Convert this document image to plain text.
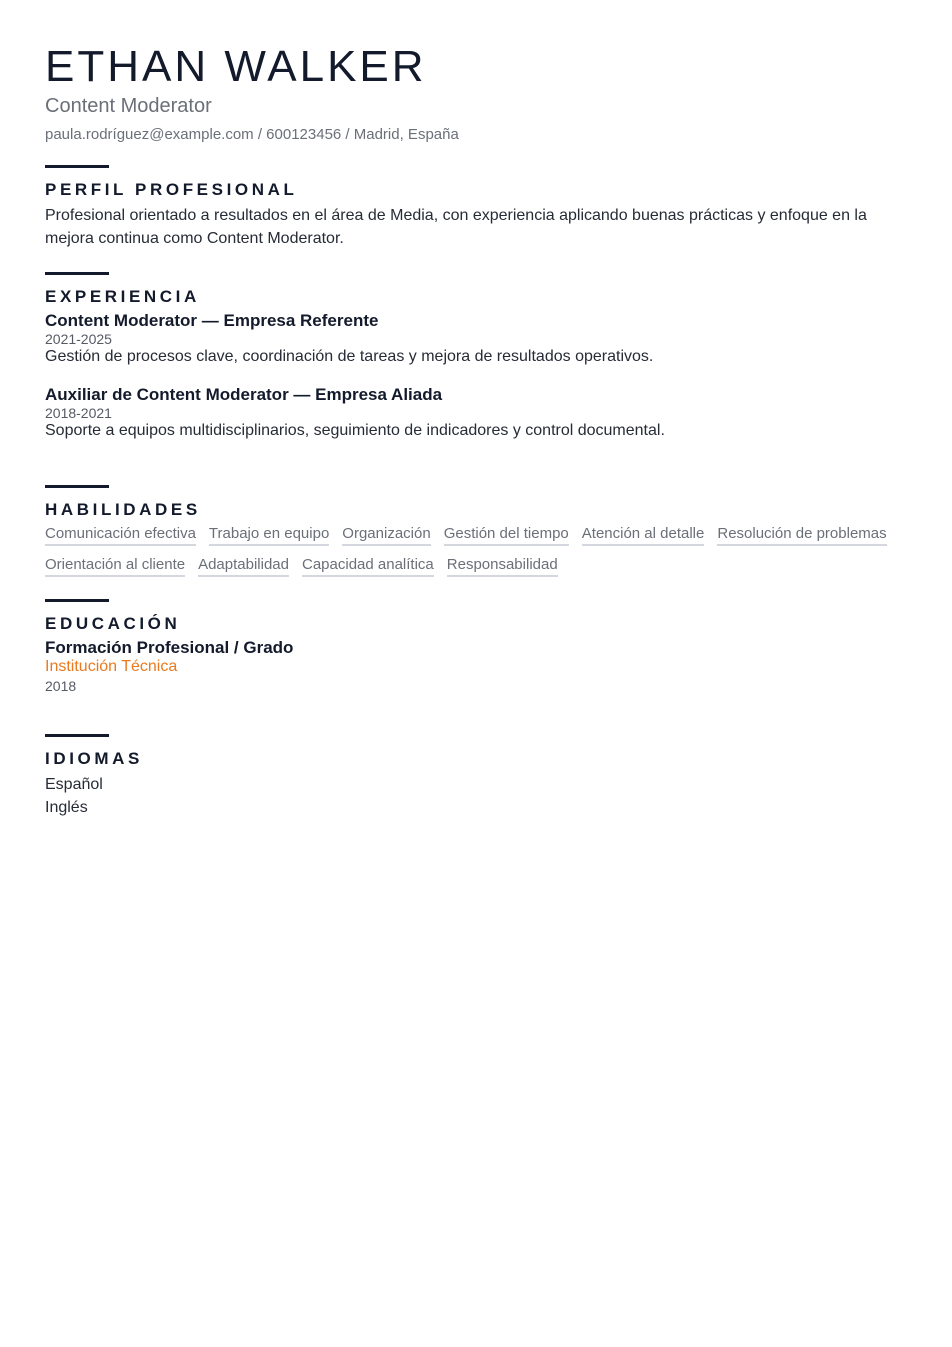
ETHAN WALKER
Content Moderator
paula.rodríguez@example.com / 600123456 / Madrid, España
PERFIL PROFESIONAL

Profesional orientado a resultados en el área de Media, con experiencia aplicando buenas prácticas y enfoque en la mejora continua como Content Moderator.

EXPERIENCIA
Content Moderator — Empresa Referente
2021-2025
Gestión de procesos clave, coordinación de tareas y mejora de resultados operativos.
Auxiliar de Content Moderator — Empresa Aliada
2018-2021
Soporte a equipos multidisciplinarios, seguimiento de indicadores y control documental.
HABILIDADES
Comunicación efectiva Trabajo en equipo Organización Gestión del tiempo Atención al detalle Resolución de problemas
Orientación al cliente Adaptabilidad Capacidad analítica Responsabilidad
EDUCACIÓN
Formación Profesional / Grado
Institución Técnica
2018
IDIOMAS
Español
Inglés
